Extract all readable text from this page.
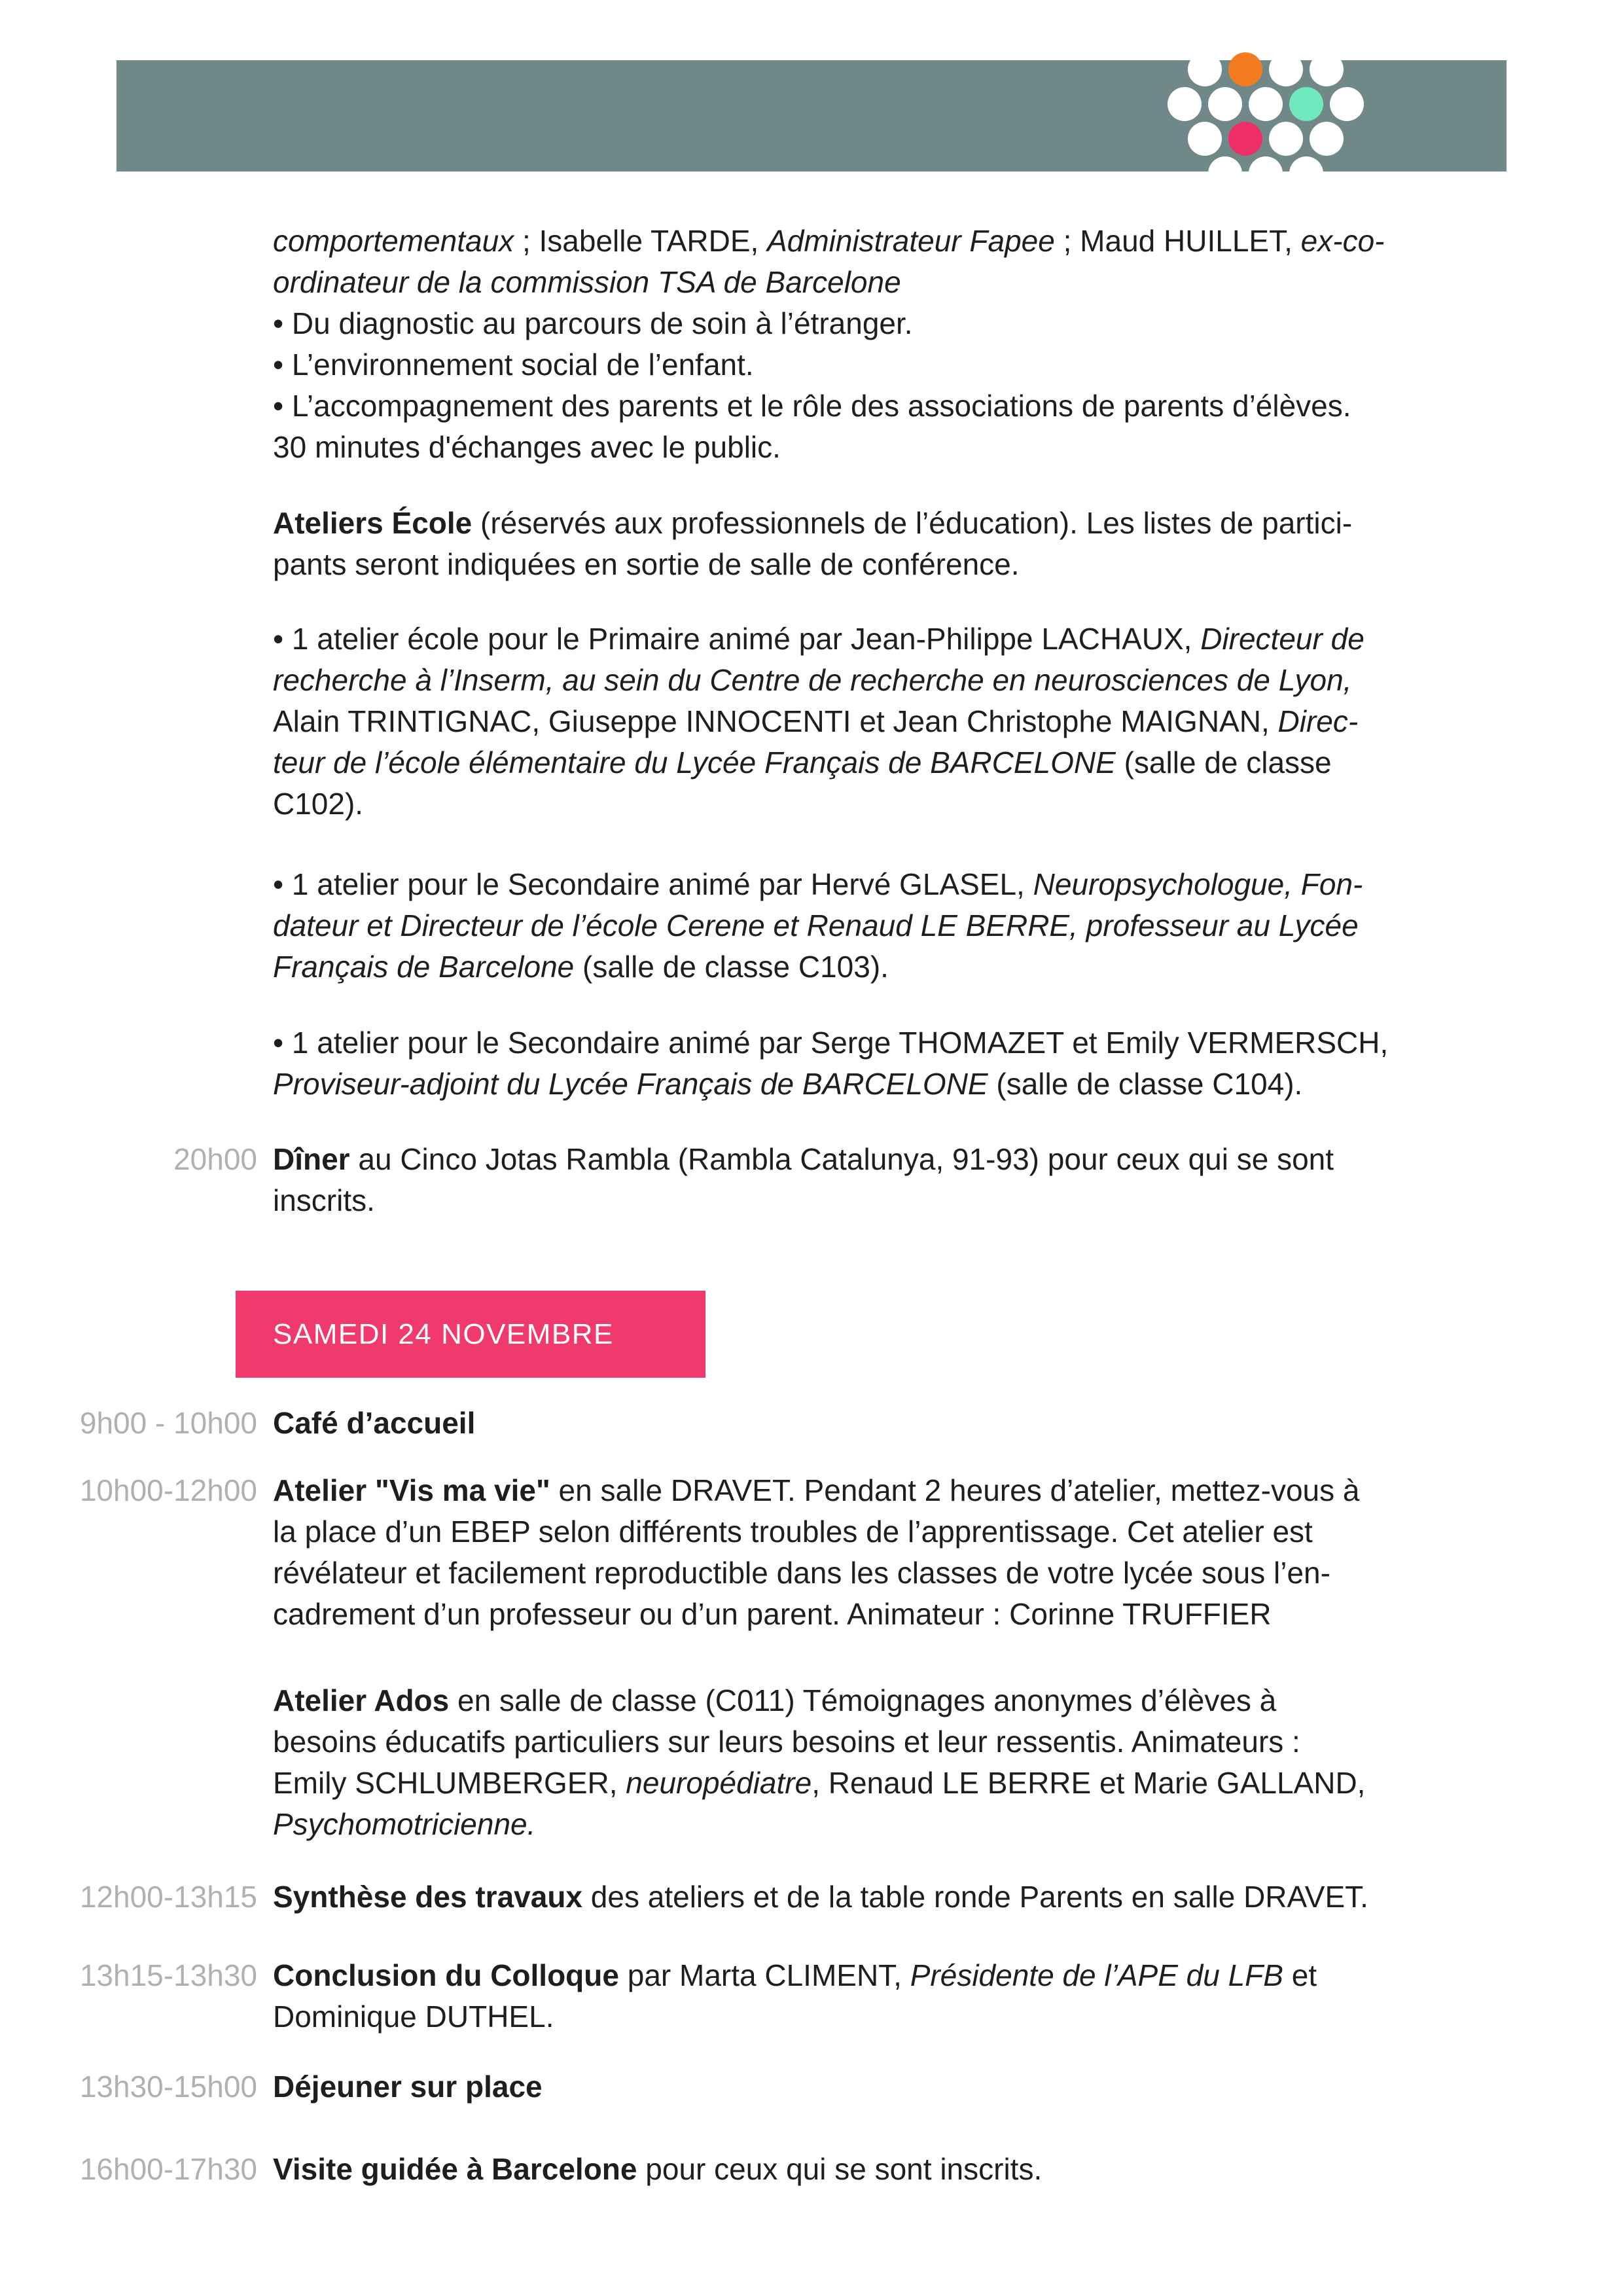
comportementaux ; Isabelle TARDE, Administrateur Fapee ; Maud HUILLET, ex-co-
ordinateur de la commission TSA de Barcelone
• Du diagnostic au parcours de soin à l’étranger.
• L’environnement social de l’enfant.
• L’accompagnement des parents et le rôle des associations de parents d’élèves.
30 minutes d'échanges avec le public.
Ateliers École (réservés aux professionnels de l’éducation). Les listes de partici-
pants seront indiquées en sortie de salle de conférence.
• 1 atelier école pour le Primaire animé par Jean-Philippe LACHAUX, Directeur de
recherche à l’Inserm, au sein du Centre de recherche en neurosciences de Lyon,
Alain TRINTIGNAC, Giuseppe INNOCENTI et Jean Christophe MAIGNAN, Direc-
teur de l’école élémentaire du Lycée Français de BARCELONE (salle de classe
C102).
• 1 atelier pour le Secondaire animé par Hervé GLASEL, Neuropsychologue, Fon-
dateur et Directeur de l’école Cerene et Renaud LE BERRE, professeur au Lycée
Français de Barcelone (salle de classe C103).
• 1 atelier pour le Secondaire animé par Serge THOMAZET et Emily VERMERSCH,
Proviseur-adjoint du Lycée Français de BARCELONE (salle de classe C104).
20h00 Dîner au Cinco Jotas Rambla (Rambla Catalunya, 91-93) pour ceux qui se sont
inscrits.
SAMEDI 24 NOVEMBRE
9h00 - 10h00 Café d’accueil
10h00-12h00 Atelier "Vis ma vie" en salle DRAVET. Pendant 2 heures d’atelier, mettez-vous à
la place d’un EBEP selon différents troubles de l’apprentissage. Cet atelier est
révélateur et facilement reproductible dans les classes de votre lycée sous l’en-
cadrement d’un professeur ou d’un parent. Animateur : Corinne TRUFFIER
Atelier Ados en salle de classe (C011) Témoignages anonymes d’élèves à
besoins éducatifs particuliers sur leurs besoins et leur ressentis. Animateurs :
Emily SCHLUMBERGER, neuropédiatre, Renaud LE BERRE et Marie GALLAND,
Psychomotricienne.
12h00-13h15 Synthèse des travaux des ateliers et de la table ronde Parents en salle DRAVET.
13h15-13h30 Conclusion du Colloque par Marta CLIMENT, Présidente de l’APE du LFB et
Dominique DUTHEL.
13h30-15h00 Déjeuner sur place
16h00-17h30 Visite guidée à Barcelone pour ceux qui se sont inscrits.
